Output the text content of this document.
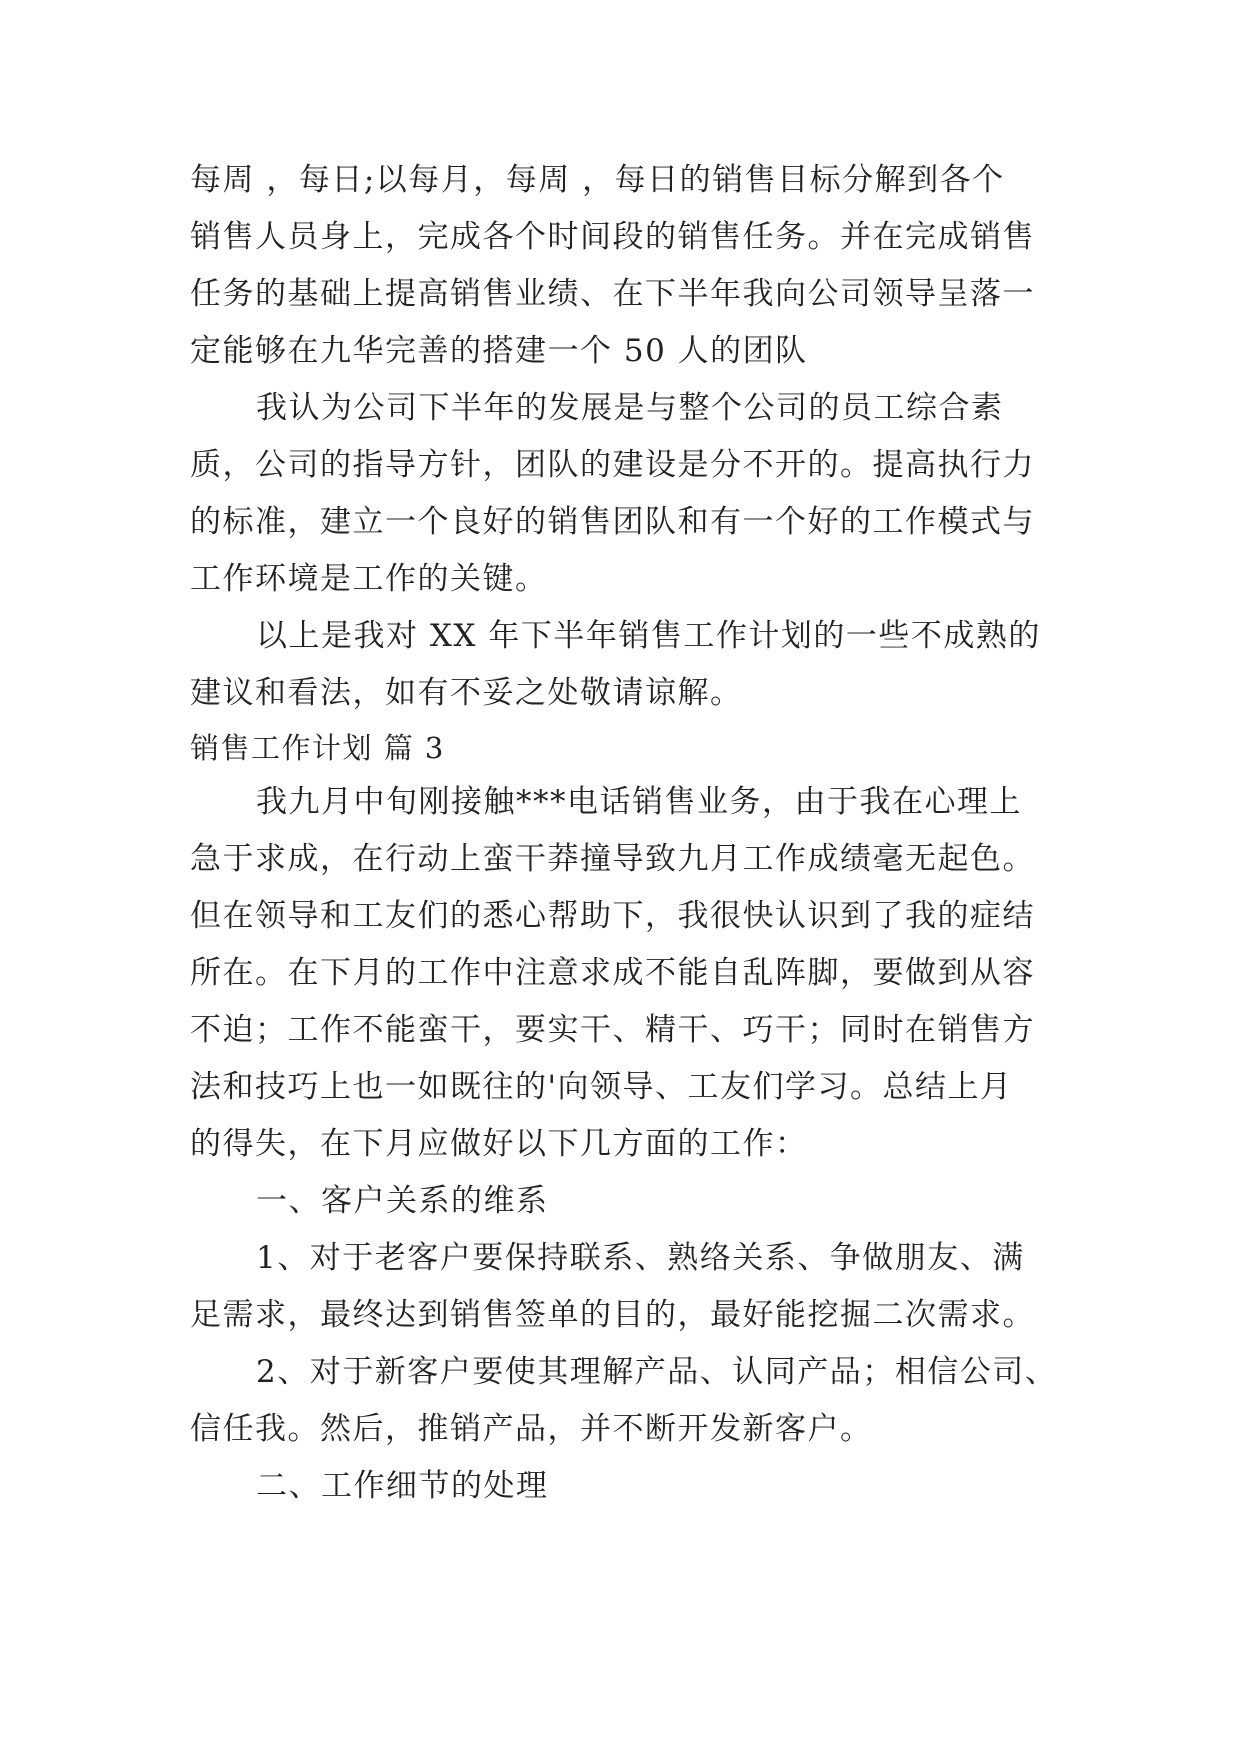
每周 ，每日;以每月，每周 ，每日的销售目标分解到各个
销售人员身上，完成各个时间段的销售任务。并在完成销售
任务的基础上提高销售业绩、在下半年我向公司领导呈落一
定能够在九华完善的搭建一个 50 人的团队
我认为公司下半年的发展是与整个公司的员工综合素
质，公司的指导方针，团队的建设是分不开的。提高执行力
的标准，建立一个良好的销售团队和有一个好的工作模式与
工作环境是工作的关键。
以上是我对 XX 年下半年销售工作计划的一些不成熟的
建议和看法，如有不妥之处敬请谅解。
销售工作计划 篇 3
我九月中旬刚接触***电话销售业务，由于我在心理上
急于求成，在行动上蛮干莽撞导致九月工作成绩毫无起色。
但在领导和工友们的悉心帮助下，我很快认识到了我的症结
所在。在下月的工作中注意求成不能自乱阵脚，要做到从容
不迫；工作不能蛮干，要实干、精干、巧干；同时在销售方
法和技巧上也一如既往的'向领导、工友们学习。总结上月
的得失，在下月应做好以下几方面的工作：
一、客户关系的维系
1、对于老客户要保持联系、熟络关系、争做朋友、满
足需求，最终达到销售签单的目的，最好能挖掘二次需求。
2、对于新客户要使其理解产品、认同产品；相信公司、
信任我。然后，推销产品，并不断开发新客户。
二、工作细节的处理
